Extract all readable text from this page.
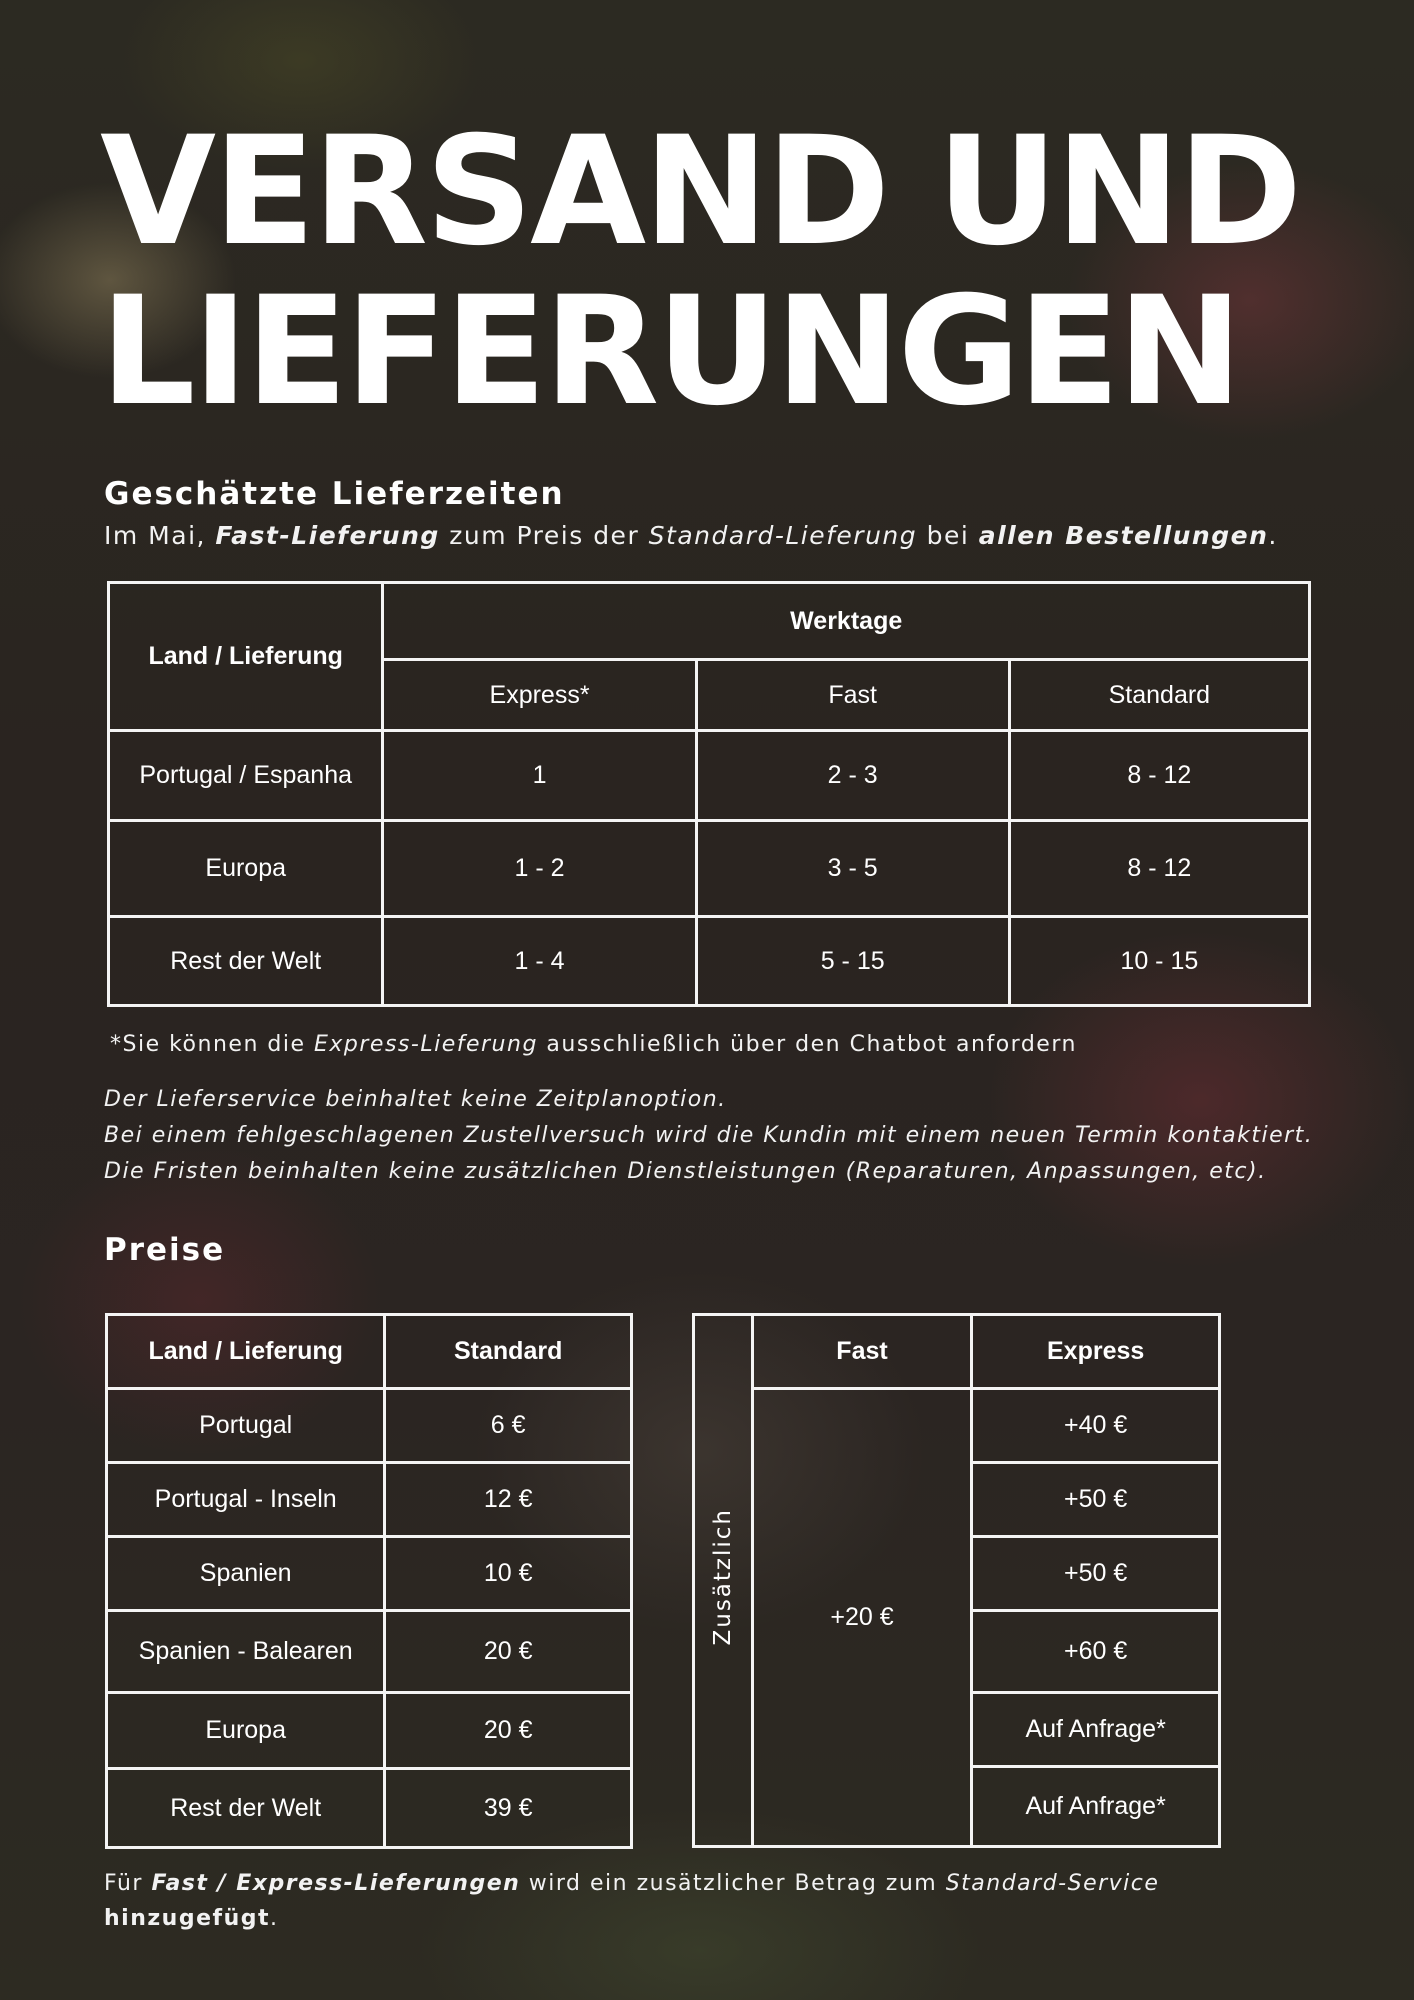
VERSAND UND LIEFERUNGEN
Geschätzte Lieferzeiten
Im Mai, Fast-Lieferung zum Preis der Standard-Lieferung bei allen Bestellungen.
Land / Lieferung	Werktage		
	Express*	Fast	Standard
Portugal / Espanha	1	2 - 3	8 - 12
Europa	1 - 2	3 - 5	8 - 12
Rest der Welt	1 - 4	5 - 15	10 - 15
*Sie können die Express-Lieferung ausschließlich über den Chatbot anfordern
Der Lieferservice beinhaltet keine Zeitplanoption.
Bei einem fehlgeschlagenen Zustellversuch wird die Kundin mit einem neuen Termin kontaktiert.
Die Fristen beinhalten keine zusätzlichen Dienstleistungen (Reparaturen, Anpassungen, etc).
Preise
Land / Lieferung	Standard
Portugal	6 €
Portugal - Inseln	12 €
Spanien	10 €
Spanien - Balearen	20 €
Europa	20 €
Rest der Welt	39 €
Zusätzlich	Fast	Express
	+20 €	+40 €
		+50 €
		+50 €
		+60 €
		Auf Anfrage*
		Auf Anfrage*
Für Fast / Express-Lieferungen wird ein zusätzlicher Betrag zum Standard-Service
hinzugefügt.
